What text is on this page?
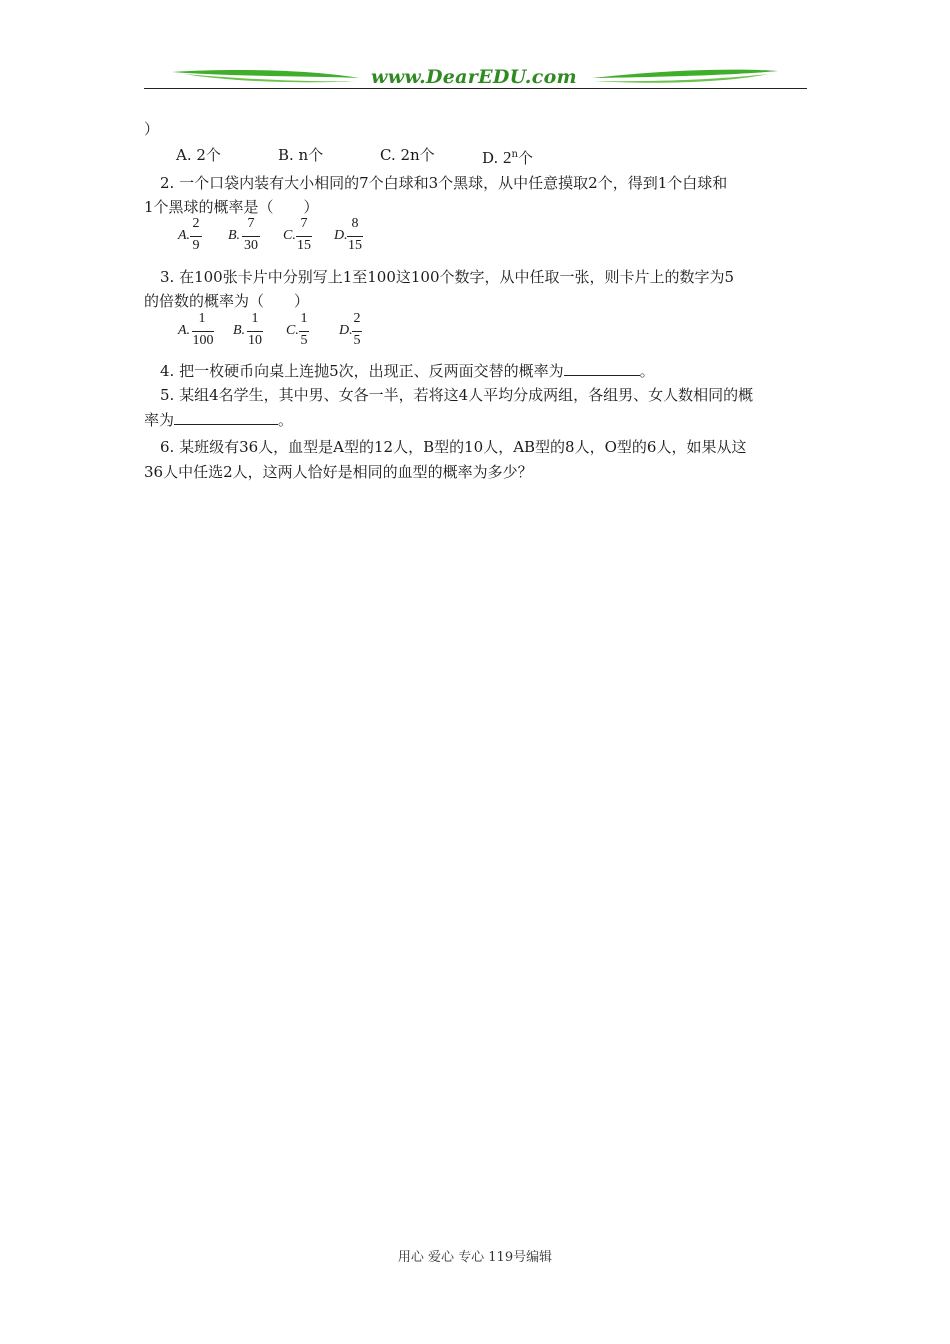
www.DearEDU.com
）
A. 2个	B. n个	C. 2n个	D. 2$^n$个
2. 一个口袋内装有大小相同的7个白球和3个黑球，从中任意摸取2个，得到1个白球和
1个黑球的概率是（　　）
A.
2
9
B.
7
30
C.
7
15
D.
8
15
3. 在100张卡片中分别写上1至100这100个数字，从中任取一张，则卡片上的数字为5
的倍数的概率为（　　）
A.
1
100
B.
1
10
C.
1
5
D.
2
5
4. 把一枚硬币向桌上连抛5次，出现正、反两面交替的概率为	。
5. 某组4名学生，其中男、女各一半，若将这4人平均分成两组，各组男、女人数相同的概
率为	。
6. 某班级有36人，血型是A型的12人，B型的10人，AB型的8人，O型的6人，如果从这
36人中任选2人，这两人恰好是相同的血型的概率为多少？
用心 爱心 专心 119号编辑
